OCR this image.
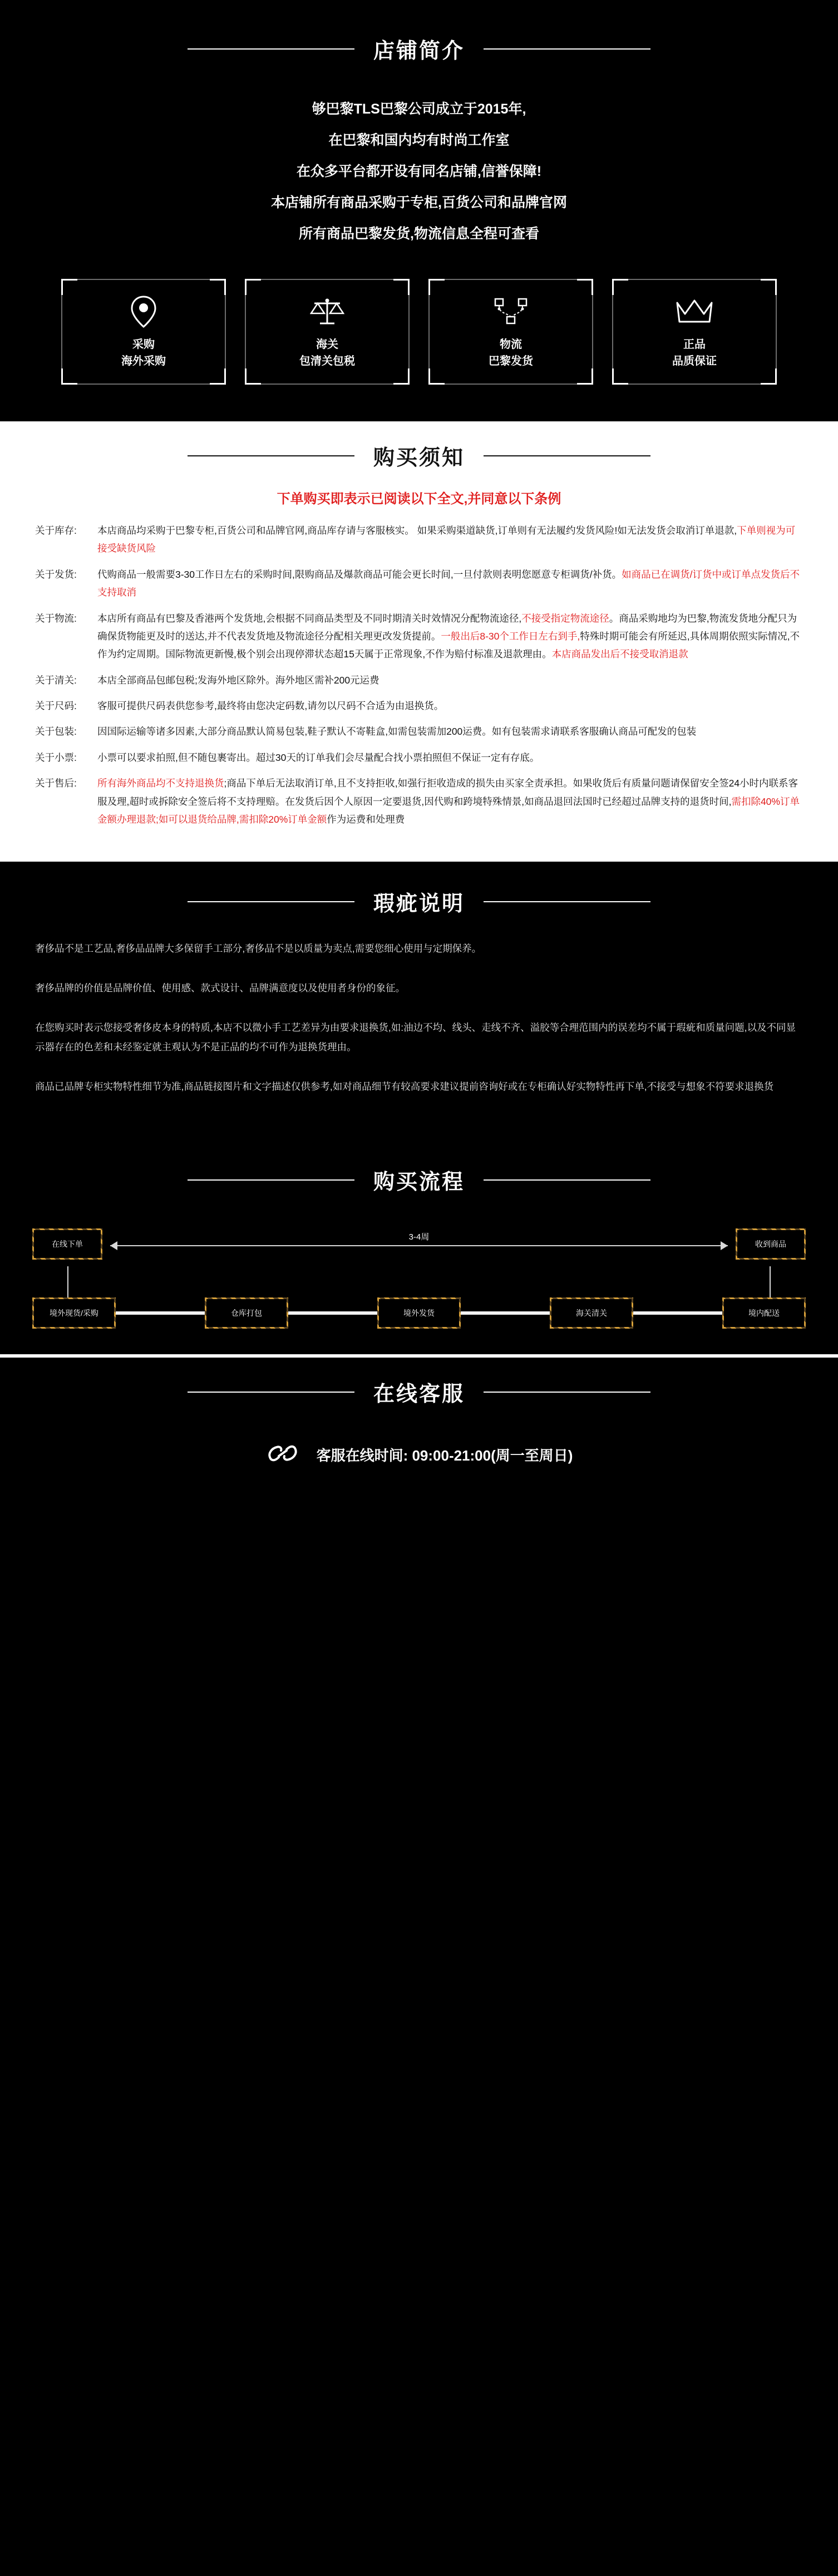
店铺简介
够巴黎TLS巴黎公司成立于2015年,
在巴黎和国内均有时尚工作室
在众多平台都开设有同名店铺,信誉保障!
本店铺所有商品采购于专柜,百货公司和品牌官网
所有商品巴黎发货,物流信息全程可查看
采购
海外采购
海关
包清关包税
物流
巴黎发货
正品
品质保证
购买须知
下单购买即表示已阅读以下全文,并同意以下条例
关于库存:	本店商品均采购于巴黎专柜,百货公司和品牌官网,商品库存请与客服核实。 如果采购渠道缺货,订单则有无法履约发货风险!如无法发货会取消订单退款,下单则视为可接受缺货风险
关于发货:	代购商品一般需要3-30工作日左右的采购时间,限购商品及爆款商品可能会更长时间,一旦付款则表明您愿意专柜调货/补货。如商品已在调货/订货中或订单点发货后不支持取消
关于物流:	本店所有商品有巴黎及香港两个发货地,会根据不同商品类型及不同时期清关时效情况分配物流途径,不接受指定物流途径。商品采购地均为巴黎,物流发货地分配只为确保货物能更及时的送达,并不代表发货地及物流途径分配相关理更改发货提前。一般出后8-30个工作日左右到手,特殊时期可能会有所延迟,具体周期依照实际情况,不作为约定周期。国际物流更新慢,极个别会出现停滞状态超15天属于正常现象,不作为赔付标准及退款理由。本店商品发出后不接受取消退款
关于清关:	本店全部商品包邮包税;发海外地区除外。海外地区需补200元运费
关于尺码:	客服可提供尺码表供您参考,最终将由您决定码数,请勿以尺码不合适为由退换货。
关于包装:	因国际运输等诸多因素,大部分商品默认简易包装,鞋子默认不寄鞋盒,如需包装需加200运费。如有包装需求请联系客服确认商品可配发的包装
关于小票:	小票可以要求拍照,但不随包裹寄出。超过30天的订单我们会尽量配合找小票拍照但不保证一定有存底。
关于售后:	所有海外商品均不支持退换货;商品下单后无法取消订单,且不支持拒收,如强行拒收造成的损失由买家全责承担。如果收货后有质量问题请保留安全签24小时内联系客服及理,超时或拆除安全签后将不支持理赔。在发货后因个人原因一定要退货,因代购和跨境特殊情景,如商品退回法国时已经超过品牌支持的退货时间,需扣除40%订单金额办理退款;如可以退货给品牌,需扣除20%订单金额作为运费和处理费
瑕疵说明

奢侈品不是工艺品,奢侈品品牌大多保留手工部分,奢侈品不是以质量为卖点,需要您细心使用与定期保养。

奢侈品牌的价值是品牌价值、使用感、款式设计、品牌满意度以及使用者身份的象征。

在您购买时表示您接受奢侈皮本身的特质,本店不以微小手工艺差异为由要求退换货,如:油边不均、线头、走线不齐、溢胶等合理范围内的误差均不属于瑕疵和质量问题,以及不同显示器存在的色差和未经鉴定就主观认为不是正品的均不可作为退换货理由。

商品已品牌专柜实物特性细节为准,商品链接图片和文字描述仅供参考,如对商品细节有较高要求建议提前咨询好或在专柜确认好实物特性再下单,不接受与想象不符要求退换货

购买流程
在线下单
3-4周
收到商品
境外现货/采购	仓库打包	境外发货	海关清关	境内配送
在线客服
客服在线时间: 09:00-21:00(周一至周日)
